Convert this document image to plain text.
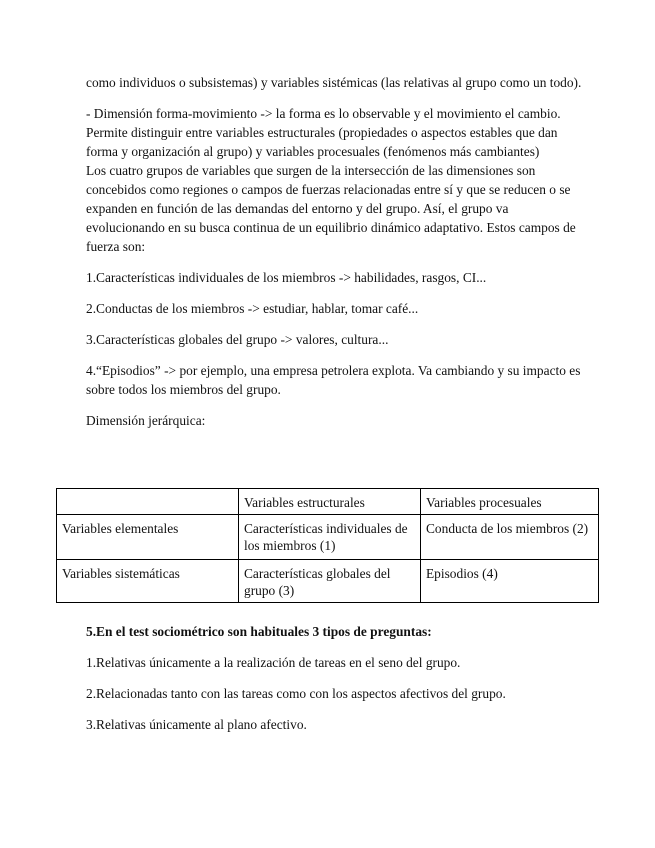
como individuos o subsistemas) y variables sistémicas (las relativas al grupo como un todo).

- Dimensión forma-movimiento -> la forma es lo observable y el movimiento el cambio. Permite distinguir entre variables estructurales (propiedades o aspectos estables que dan forma y organización al grupo) y variables procesuales (fenómenos más cambiantes)

Los cuatro grupos de variables que surgen de la intersección de las dimensiones son concebidos como regiones o campos de fuerzas relacionadas entre sí y que se reducen o se expanden en función de las demandas del entorno y del grupo. Así, el grupo va evolucionando en su busca continua de un equilibrio dinámico adaptativo. Estos campos de fuerza son:

1.Características individuales de los miembros -> habilidades, rasgos, CI...

2.Conductas de los miembros -> estudiar, hablar, tomar café...

3.Características globales del grupo -> valores, cultura...

4.“Episodios” -> por ejemplo, una empresa petrolera explota. Va cambiando y su impacto es sobre todos los miembros del grupo.

Dimensión jerárquica:

	Variables estructurales	Variables procesuales
Variables elementales	Características individuales de los miembros (1)	Conducta de los miembros (2)
Variables sistemáticas	Características globales del grupo (3)	Episodios (4)

5.En el test sociométrico son habituales 3 tipos de preguntas:

1.Relativas únicamente a la realización de tareas en el seno del grupo.

2.Relacionadas tanto con las tareas como con los aspectos afectivos del grupo.

3.Relativas únicamente al plano afectivo.
